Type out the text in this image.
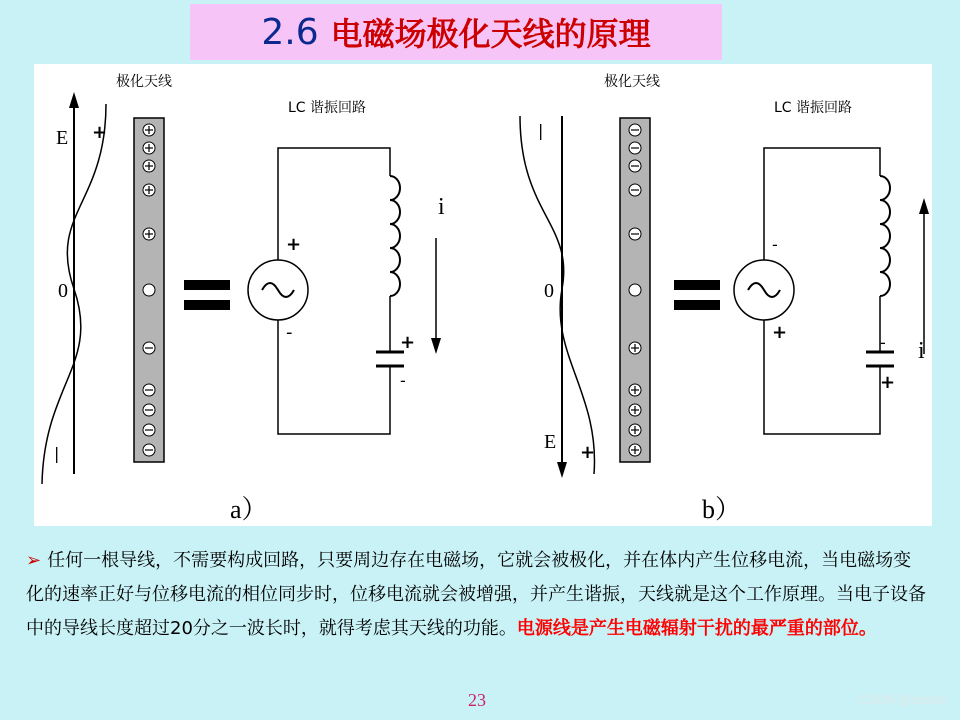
2.6 电磁场极化天线的原理
E +
0
|
极化天线
LC 谐振回路
+
-
+
-
i
a）
E +
0
|
极化天线
LC 谐振回路
-
+
-
+
i
b）
➢ 任何一根导线，不需要构成回路，只要周边存在电磁场，它就会被极化，并在体内产生位移电流，当电磁场变化的速率正好与位移电流的相位同步时，位移电流就会被增强，并产生谐振，天线就是这个工作原理。当电子设备中的导线长度超过20分之一波长时，就得考虑其天线的功能。电源线是产生电磁辐射干扰的最严重的部位。
23	CSDN @ltqshs
